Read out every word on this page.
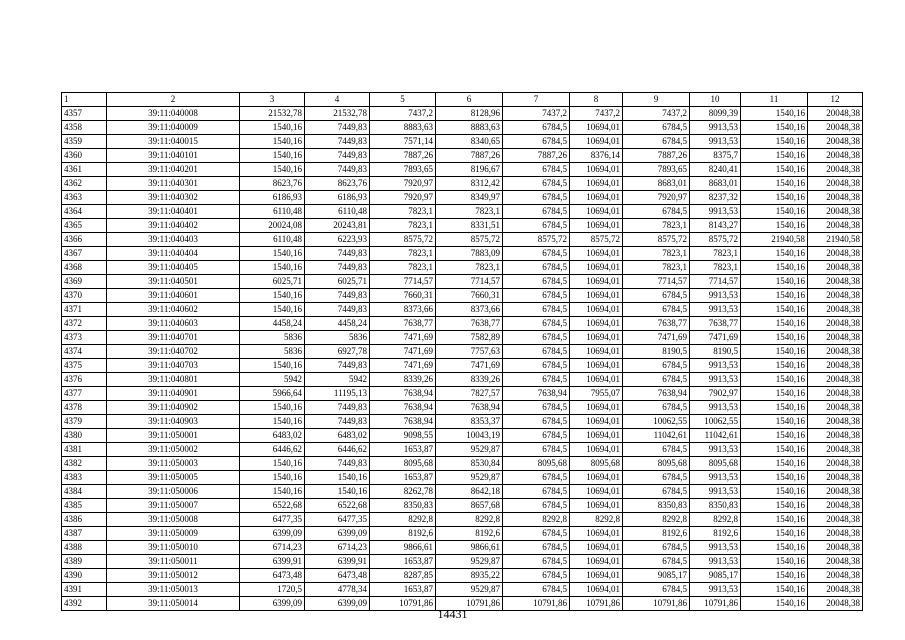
1	2	3	4	5	6	7	8	9	10	11	12
4357	39:11:040008	21532,78	21532,78	7437,2	8128,96	7437,2	7437,2	7437,2	8099,39	1540,16	20048,38
4358	39:11:040009	1540,16	7449,83	8883,63	8883,63	6784,5	10694,01	6784,5	9913,53	1540,16	20048,38
4359	39:11:040015	1540,16	7449,83	7571,14	8340,65	6784,5	10694,01	6784,5	9913,53	1540,16	20048,38
4360	39:11:040101	1540,16	7449,83	7887,26	7887,26	7887,26	8376,14	7887,26	8375,7	1540,16	20048,38
4361	39:11:040201	1540,16	7449,83	7893,65	8196,67	6784,5	10694,01	7893,65	8240,41	1540,16	20048,38
4362	39:11:040301	8623,76	8623,76	7920,97	8312,42	6784,5	10694,01	8683,01	8683,01	1540,16	20048,38
4363	39:11:040302	6186,93	6186,93	7920,97	8349,97	6784,5	10694,01	7920,97	8237,32	1540,16	20048,38
4364	39:11:040401	6110,48	6110,48	7823,1	7823,1	6784,5	10694,01	6784,5	9913,53	1540,16	20048,38
4365	39:11:040402	20024,08	20243,81	7823,1	8331,51	6784,5	10694,01	7823,1	8143,27	1540,16	20048,38
4366	39:11:040403	6110,48	6223,93	8575,72	8575,72	8575,72	8575,72	8575,72	8575,72	21940,58	21940,58
4367	39:11:040404	1540,16	7449,83	7823,1	7883,09	6784,5	10694,01	7823,1	7823,1	1540,16	20048,38
4368	39:11:040405	1540,16	7449,83	7823,1	7823,1	6784,5	10694,01	7823,1	7823,1	1540,16	20048,38
4369	39:11:040501	6025,71	6025,71	7714,57	7714,57	6784,5	10694,01	7714,57	7714,57	1540,16	20048,38
4370	39:11:040601	1540,16	7449,83	7660,31	7660,31	6784,5	10694,01	6784,5	9913,53	1540,16	20048,38
4371	39:11:040602	1540,16	7449,83	8373,66	8373,66	6784,5	10694,01	6784,5	9913,53	1540,16	20048,38
4372	39:11:040603	4458,24	4458,24	7638,77	7638,77	6784,5	10694,01	7638,77	7638,77	1540,16	20048,38
4373	39:11:040701	5836	5836	7471,69	7582,89	6784,5	10694,01	7471,69	7471,69	1540,16	20048,38
4374	39:11:040702	5836	6927,78	7471,69	7757,63	6784,5	10694,01	8190,5	8190,5	1540,16	20048,38
4375	39:11:040703	1540,16	7449,83	7471,69	7471,69	6784,5	10694,01	6784,5	9913,53	1540,16	20048,38
4376	39:11:040801	5942	5942	8339,26	8339,26	6784,5	10694,01	6784,5	9913,53	1540,16	20048,38
4377	39:11:040901	5966,64	11195,13	7638,94	7827,57	7638,94	7955,07	7638,94	7902,97	1540,16	20048,38
4378	39:11:040902	1540,16	7449,83	7638,94	7638,94	6784,5	10694,01	6784,5	9913,53	1540,16	20048,38
4379	39:11:040903	1540,16	7449,83	7638,94	8353,37	6784,5	10694,01	10062,55	10062,55	1540,16	20048,38
4380	39:11:050001	6483,02	6483,02	9098,55	10043,19	6784,5	10694,01	11042,61	11042,61	1540,16	20048,38
4381	39:11:050002	6446,62	6446,62	1653,87	9529,87	6784,5	10694,01	6784,5	9913,53	1540,16	20048,38
4382	39:11:050003	1540,16	7449,83	8095,68	8530,84	8095,68	8095,68	8095,68	8095,68	1540,16	20048,38
4383	39:11:050005	1540,16	1540,16	1653,87	9529,87	6784,5	10694,01	6784,5	9913,53	1540,16	20048,38
4384	39:11:050006	1540,16	1540,16	8262,78	8642,18	6784,5	10694,01	6784,5	9913,53	1540,16	20048,38
4385	39:11:050007	6522,68	6522,68	8350,83	8657,68	6784,5	10694,01	8350,83	8350,83	1540,16	20048,38
4386	39:11:050008	6477,35	6477,35	8292,8	8292,8	8292,8	8292,8	8292,8	8292,8	1540,16	20048,38
4387	39:11:050009	6399,09	6399,09	8192,6	8192,6	6784,5	10694,01	8192,6	8192,6	1540,16	20048,38
4388	39:11:050010	6714,23	6714,23	9866,61	9866,61	6784,5	10694,01	6784,5	9913,53	1540,16	20048,38
4389	39:11:050011	6399,91	6399,91	1653,87	9529,87	6784,5	10694,01	6784,5	9913,53	1540,16	20048,38
4390	39:11:050012	6473,48	6473,48	8287,85	8935,22	6784,5	10694,01	9085,17	9085,17	1540,16	20048,38
4391	39:11:050013	1720,5	4778,34	1653,87	9529,87	6784,5	10694,01	6784,5	9913,53	1540,16	20048,38
4392	39:11:050014	6399,09	6399,09	10791,86	10791,86	10791,86	10791,86	10791,86	10791,86	1540,16	20048,38
14431
